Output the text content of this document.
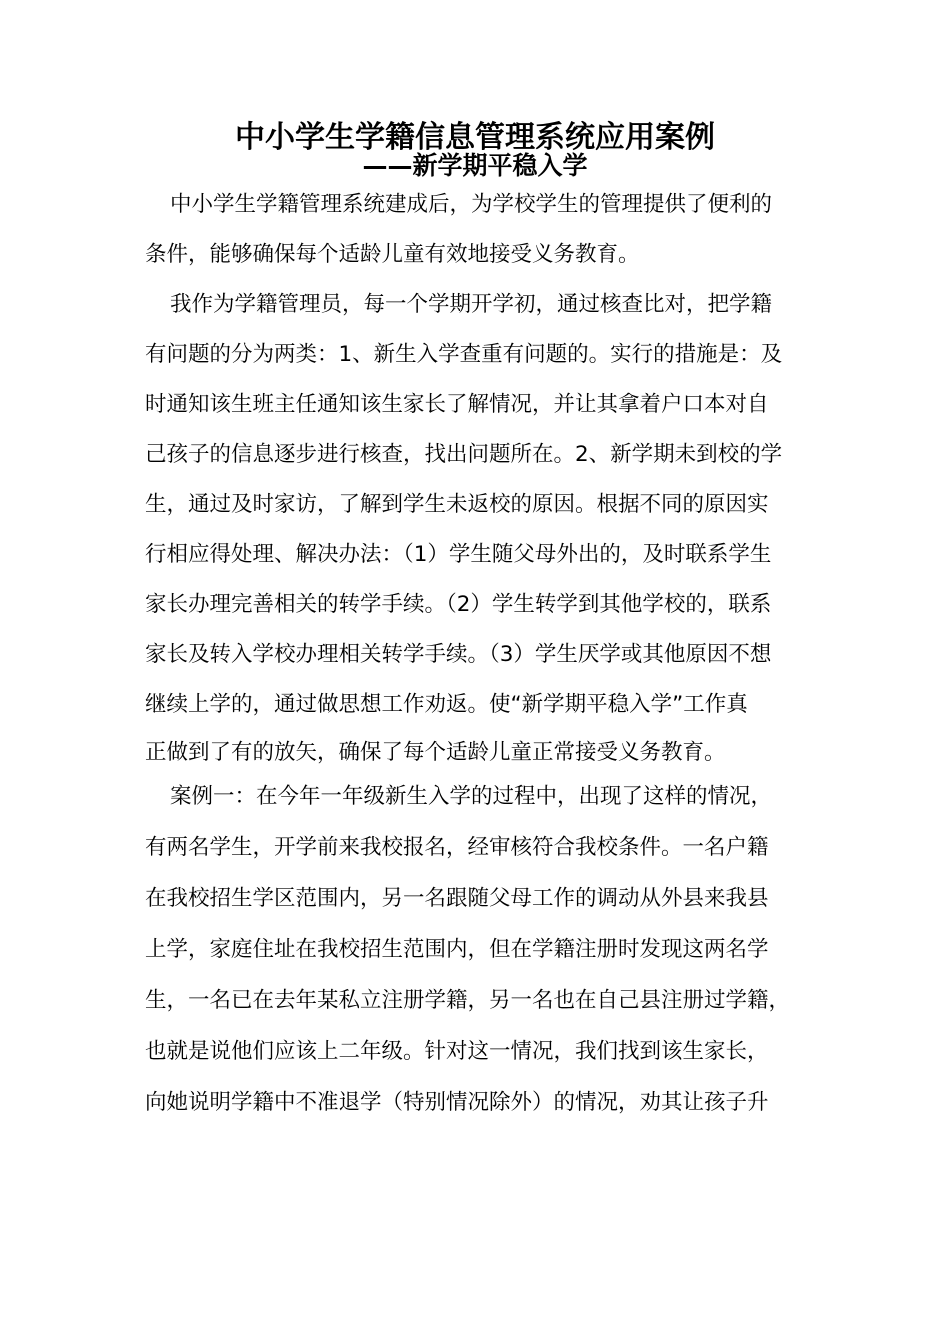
中小学生学籍信息管理系统应用案例
——新学期平稳入学
中小学生学籍管理系统建成后，为学校学生的管理提供了便利的
条件，能够确保每个适龄儿童有效地接受义务教育。
我作为学籍管理员，每一个学期开学初，通过核查比对，把学籍
有问题的分为两类：1、新生入学查重有问题的。实行的措施是：及
时通知该生班主任通知该生家长了解情况，并让其拿着户口本对自
己孩子的信息逐步进行核查，找出问题所在。2、新学期未到校的学
生，通过及时家访，了解到学生未返校的原因。根据不同的原因实
行相应得处理、解决办法：（1）学生随父母外出的，及时联系学生
家长办理完善相关的转学手续。（2）学生转学到其他学校的，联系
家长及转入学校办理相关转学手续。（3）学生厌学或其他原因不想
继续上学的，通过做思想工作劝返。使“新学期平稳入学”工作真
正做到了有的放矢，确保了每个适龄儿童正常接受义务教育。
案例一：在今年一年级新生入学的过程中，出现了这样的情况，
有两名学生，开学前来我校报名，经审核符合我校条件。一名户籍
在我校招生学区范围内，另一名跟随父母工作的调动从外县来我县
上学，家庭住址在我校招生范围内，但在学籍注册时发现这两名学
生，一名已在去年某私立注册学籍，另一名也在自己县注册过学籍，
也就是说他们应该上二年级。针对这一情况，我们找到该生家长，
向她说明学籍中不准退学（特别情况除外）的情况，劝其让孩子升
